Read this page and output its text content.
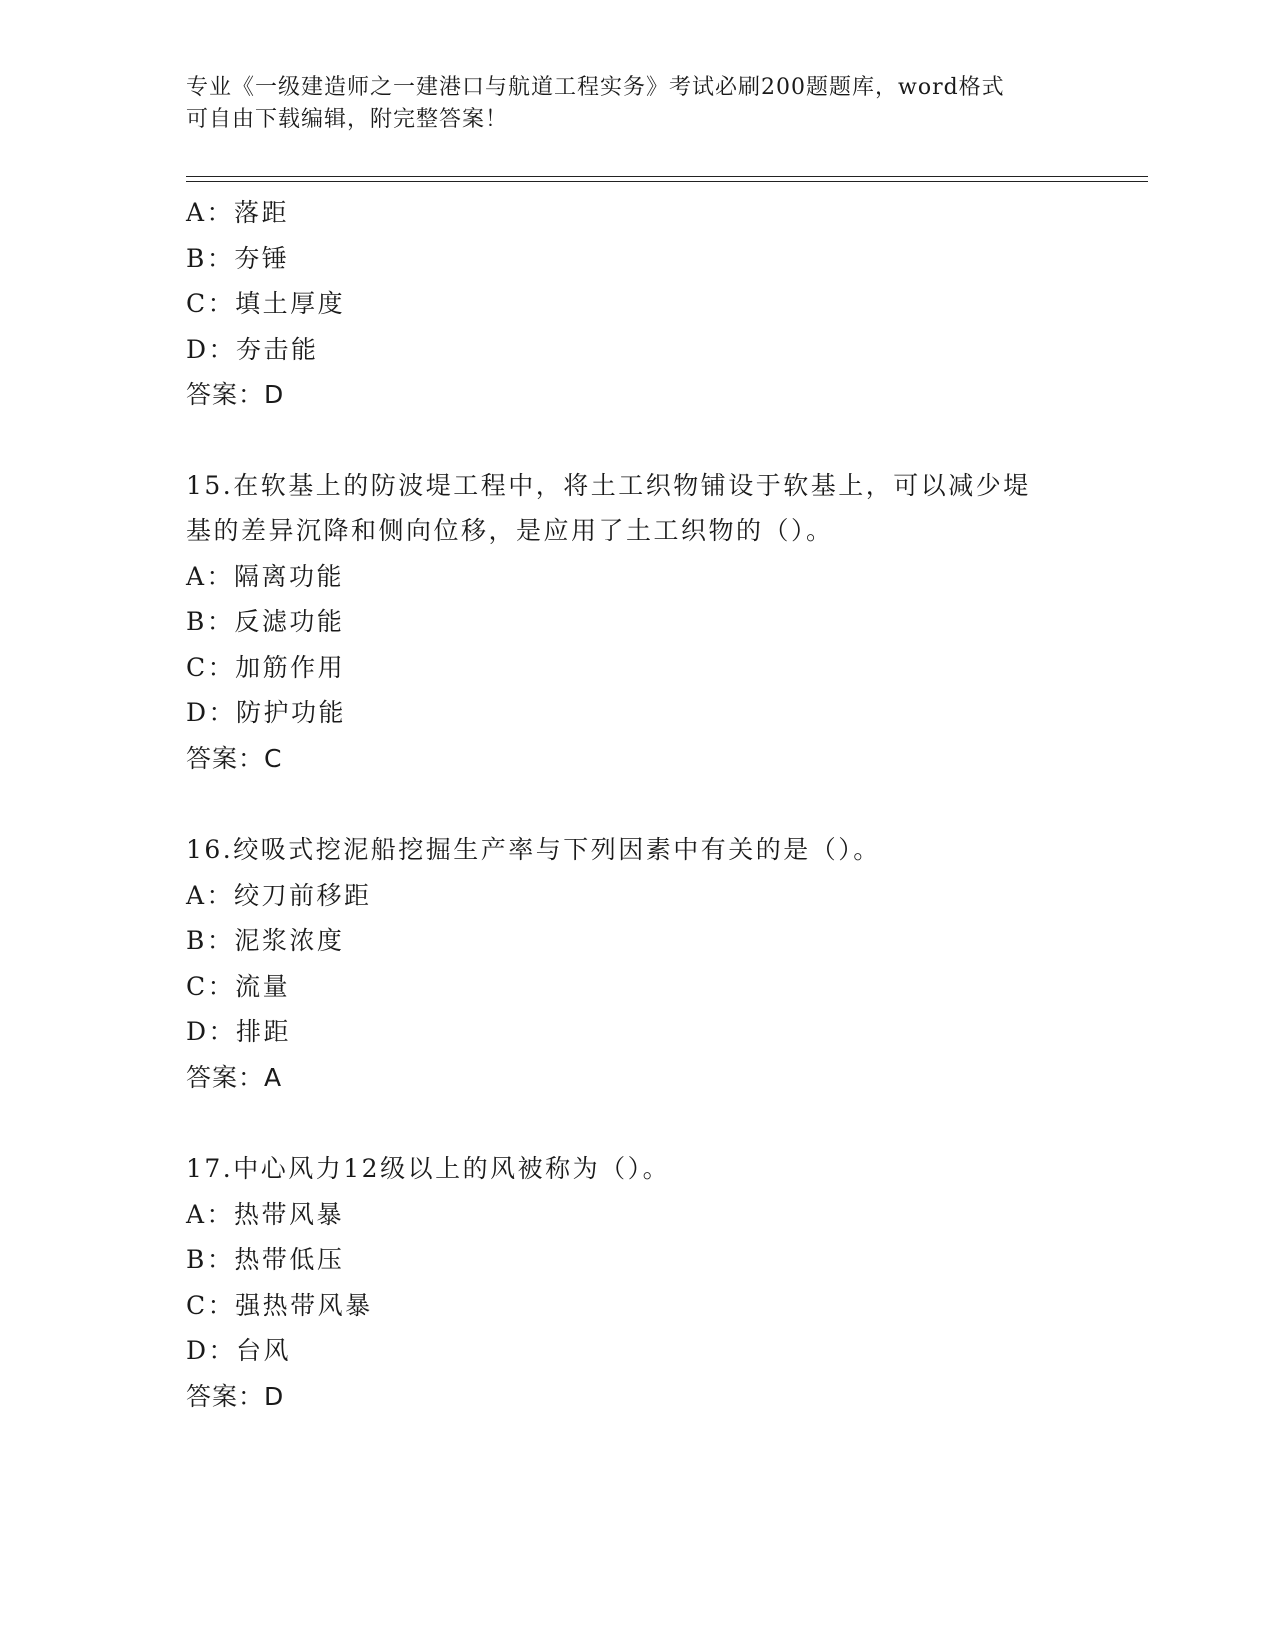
专业《一级建造师之一建港口与航道工程实务》考试必刷200题题库，word格式
可自由下载编辑，附完整答案！
A：落距
B：夯锤
C：填土厚度
D：夯击能
答案：D
15.在软基上的防波堤工程中，将土工织物铺设于软基上，可以减少堤
基的差异沉降和侧向位移，是应用了土工织物的（）。
A：隔离功能
B：反滤功能
C：加筋作用
D：防护功能
答案：C
16.绞吸式挖泥船挖掘生产率与下列因素中有关的是（）。
A：绞刀前移距
B：泥浆浓度
C：流量
D：排距
答案：A
17.中心风力12级以上的风被称为（）。
A：热带风暴
B：热带低压
C：强热带风暴
D：台风
答案：D
